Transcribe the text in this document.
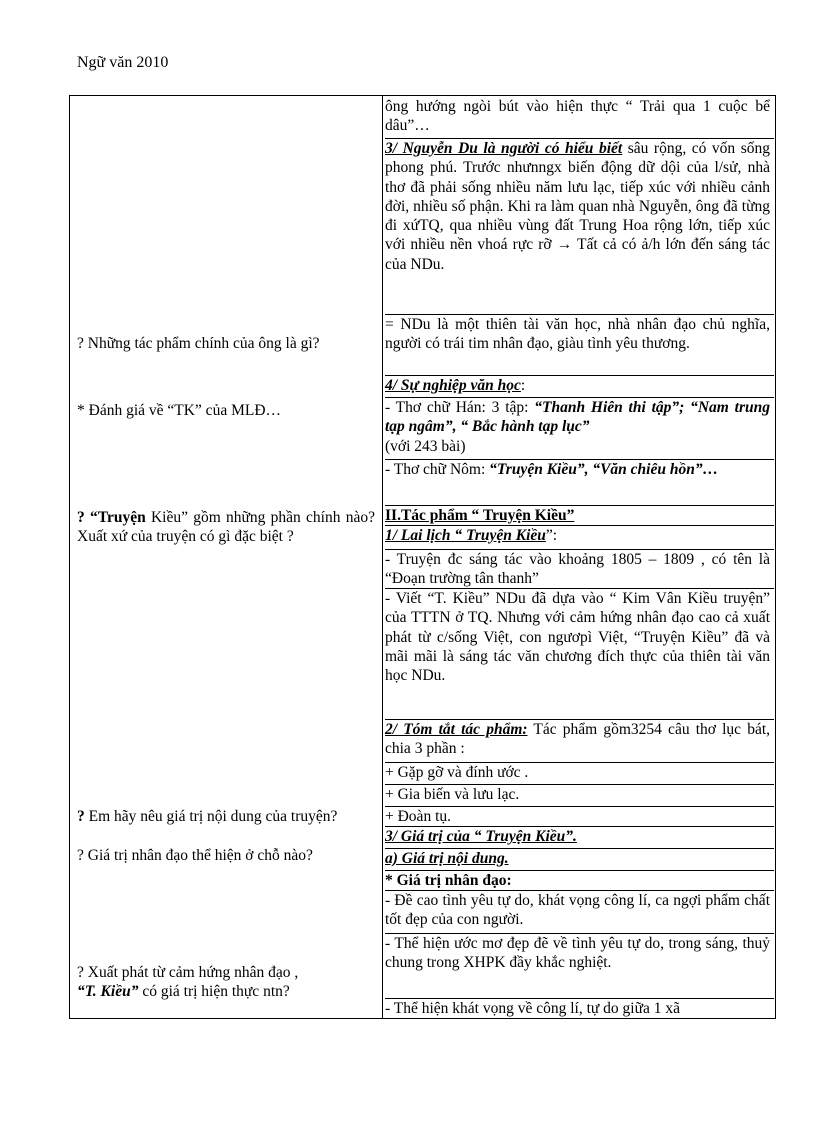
Ngữ văn 2010

? Những tác phẩm chính của ông là gì?

* Đánh giá về “TK” của MLĐ…

? “Truyện Kiều” gồm những phần chính nào? Xuất xứ của truyện có gì đặc biệt ?

? Em hãy nêu giá trị nội dung của truyện?

? Giá trị nhân đạo thể hiện ở chỗ nào?

? Xuất phát từ cảm hứng nhân đạo ,
“T. Kiều” có giá trị hiện thực ntn?

ông hướng ngòi bút vào hiện thực “ Trải qua 1 cuộc bể dâu”…

3/ Nguyễn Du là người có hiểu biết sâu rộng, có vốn sống phong phú. Trước nhưnngx biến động dữ dội của l/sử, nhà thơ đã phải sống nhiều năm lưu lạc, tiếp xúc với nhiều cảnh đời, nhiều số phận. Khi ra làm quan nhà Nguyễn, ông đã từng đi xứTQ, qua nhiều vùng đất Trung Hoa rộng lớn, tiếp xúc với nhiều nền vhoá rực rỡ → Tất cả có ả/h lớn đến sáng tác của NDu.

= NDu là một thiên tài văn học, nhà nhân đạo chủ nghĩa, người có trái tim nhân đạo, giàu tình yêu thương.

4/ Sự nghiệp văn học:

- Thơ chữ Hán: 3 tập: “Thanh Hiên thi tập”; “Nam trung tạp ngâm”, “ Bắc hành tạp lục”
(với 243 bài)

- Thơ chữ Nôm: “Truyện Kiều”, “Văn chiêu hồn”…

II.Tác phẩm “ Truyện Kiều”

1/ Lai lịch “ Truyện Kiều”:

- Truyện đc sáng tác vào khoảng 1805 – 1809 , có tên là “Đoạn trường tân thanh”

- Viết “T. Kiều” NDu đã dựa vào “ Kim Vân Kiều truyện” của TTTN ở TQ. Nhưng với cảm hứng nhân đạo cao cả xuất phát từ c/sống Việt, con ngươpì Việt, “Truyện Kiều” đã và mãi mãi là sáng tác văn chương đích thực của thiên tài văn học NDu.

2/ Tóm tắt tác phẩm: Tác phẩm gồm3254 câu thơ lục bát, chia 3 phần :

+ Gặp gỡ và đính ước .

+ Gia biến và lưu lạc.

+ Đoàn tụ.

3/ Giá trị của “ Truyện Kiều”.

a) Giá trị nội dung.

* Giá trị nhân đạo:

- Đề cao tình yêu tự do, khát vọng công lí, ca ngợi phẩm chất tốt đẹp của con người.

- Thể hiện ước mơ đẹp đẽ về tình yêu tự do, trong sáng, thuỷ chung trong XHPK đầy khắc nghiệt.

- Thể hiện khát vọng về công lí, tự do giữa 1 xã
